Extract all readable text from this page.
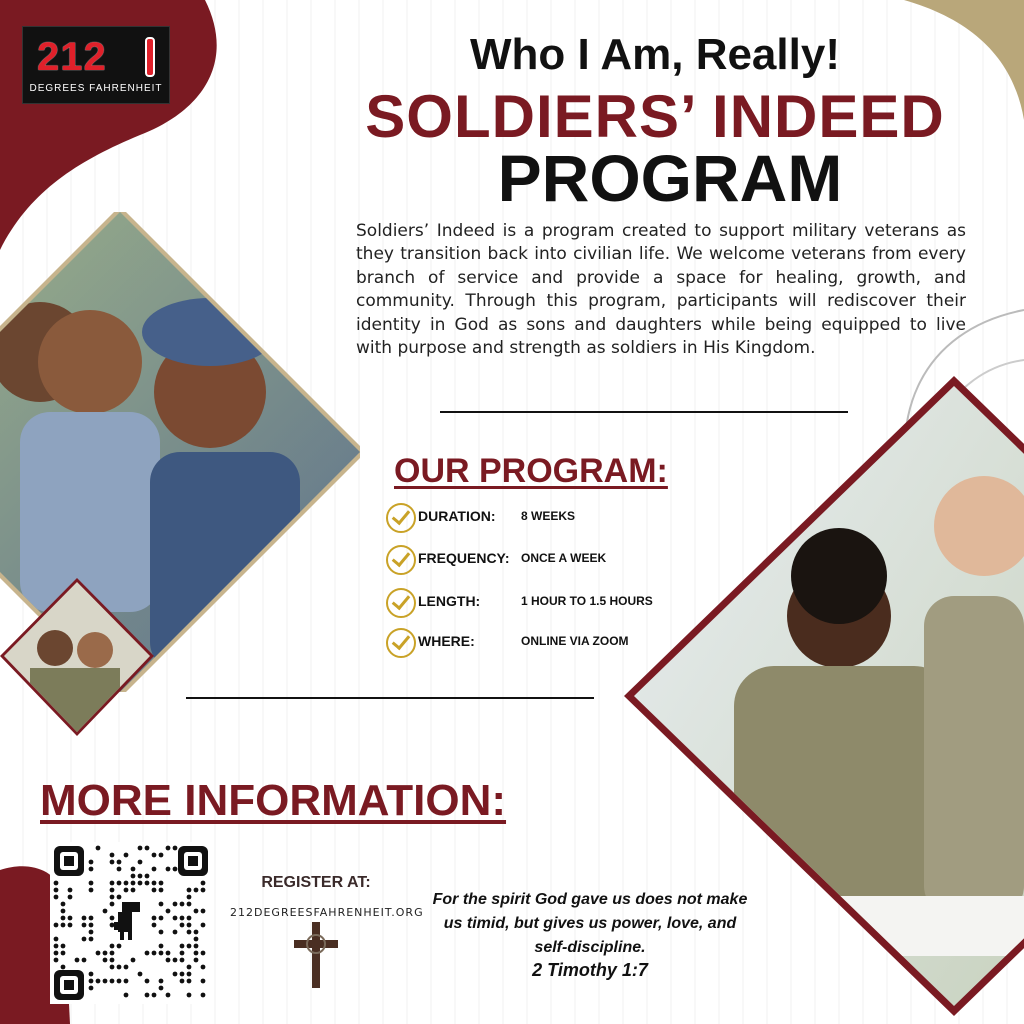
212
DEGREES FAHRENHEIT
Who I Am, Really!
SOLDIERS’ INDEED
PROGRAM
Soldiers’ Indeed is a program created to support military veterans as they transition back into civilian life. We welcome veterans from every branch of service and provide a space for healing, growth, and community. Through this program, participants will rediscover their identity in God as sons and daughters while being equipped to live with purpose and strength as soldiers in His Kingdom.
OUR PROGRAM:
DURATION: 8 WEEKS
FREQUENCY: ONCE A WEEK
LENGTH:	1 HOUR TO 1.5 HOURS
WHERE:	ONLINE VIA ZOOM
MORE INFORMATION:
REGISTER AT:
212DEGREESFAHRENHEIT.ORG
For the spirit God gave us does not make us timid, but gives us power, love, and self-discipline.
2 Timothy 1:7
